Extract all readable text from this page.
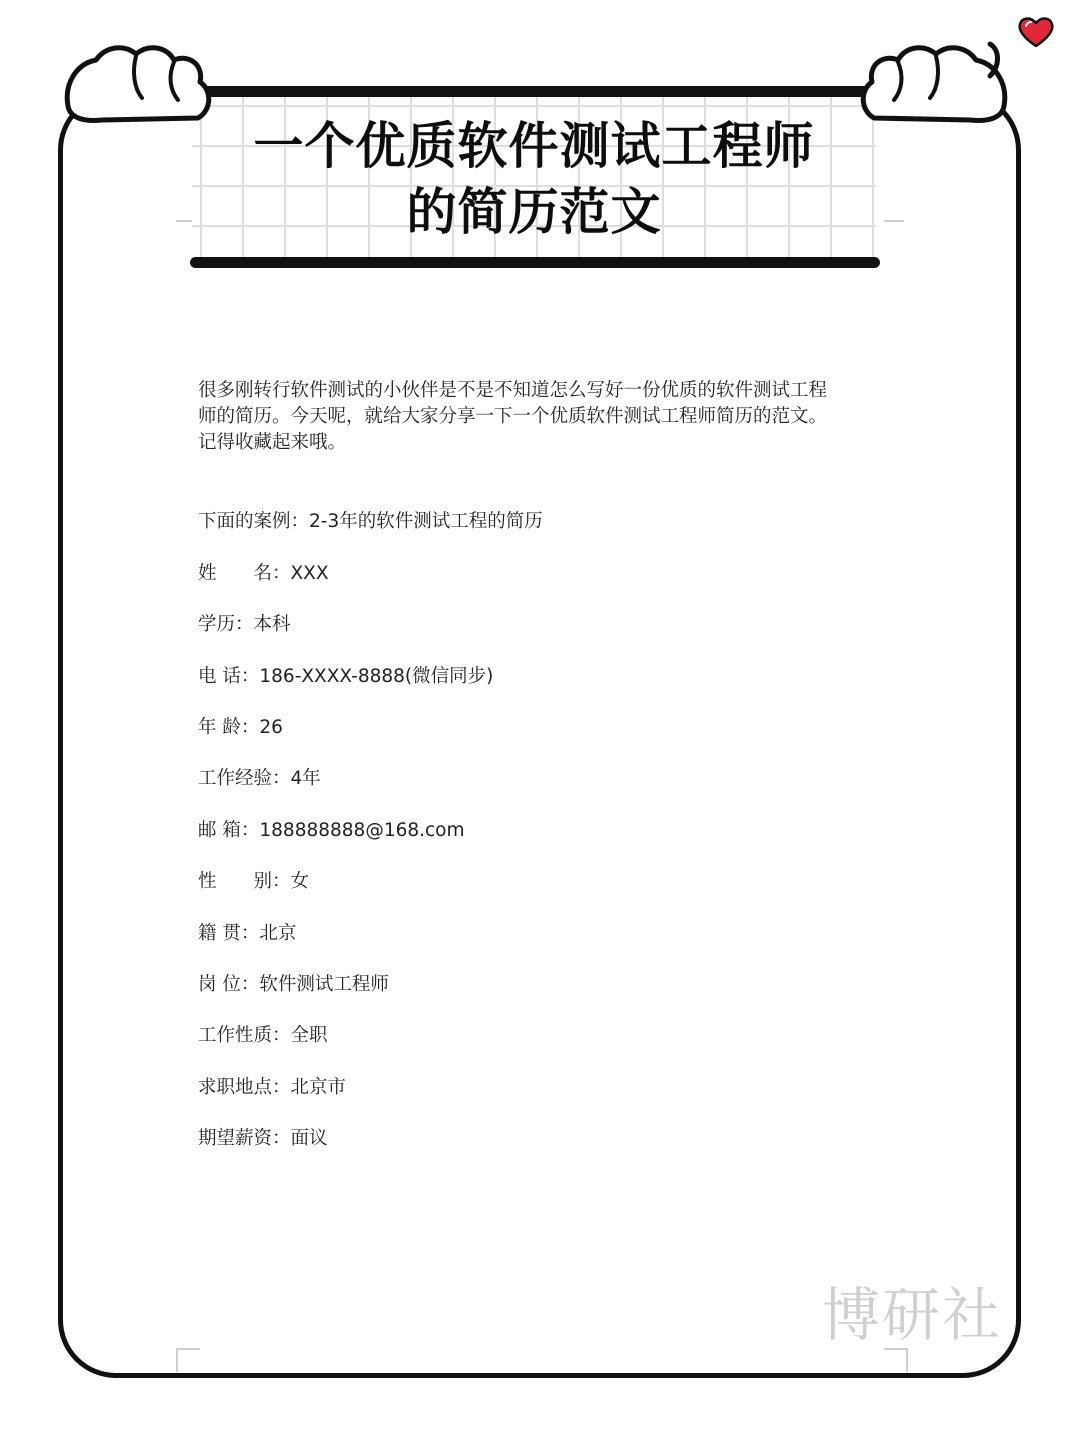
一个优质软件测试工程师
的简历范文

很多刚转行软件测试的小伙伴是不是不知道怎么写好一份优质的软件测试工程

师的简历。今天呢，就给大家分享一下一个优质软件测试工程师简历的范文。

记得收藏起来哦。

下面的案例：2-3年的软件测试工程的简历
姓　　名：XXX
学历：本科
电 话：186-XXXX-8888(微信同步)
年 龄：26
工作经验：4年
邮 箱：188888888@168.com
性　　别：女
籍 贯：北京
岗 位：软件测试工程师
工作性质：全职
求职地点：北京市
期望薪资：面议
博研社
